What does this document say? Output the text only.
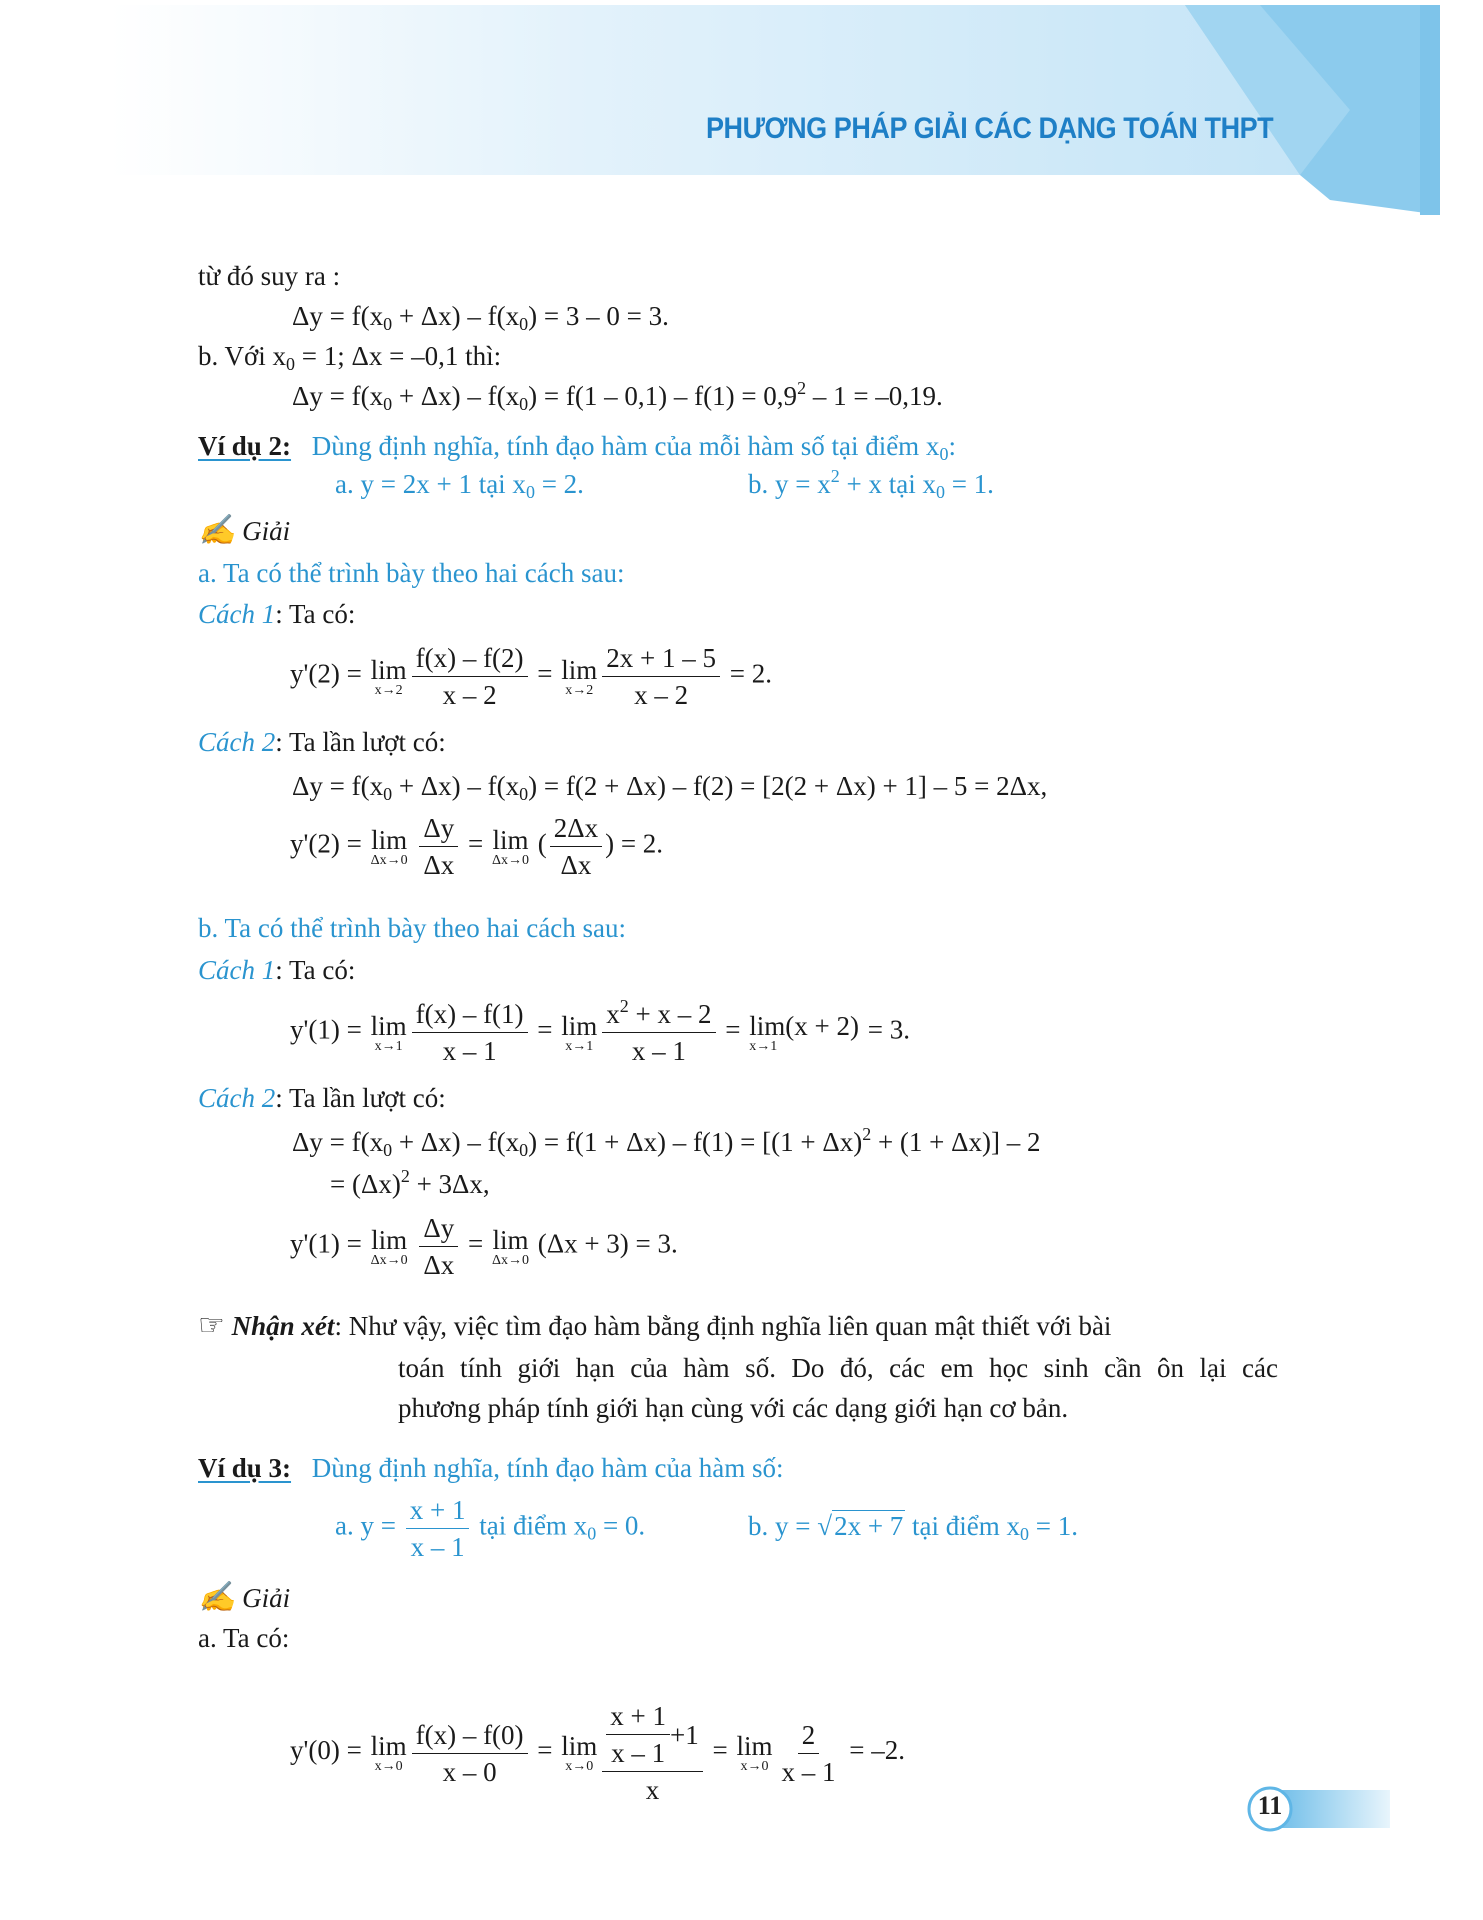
PHƯƠNG PHÁP GIẢI CÁC DẠNG TOÁN THPT
từ đó suy ra :
$\Delta y = f(x_0 + \Delta x) - f(x_0) = 3 - 0 = 3$.
b. Với $x_0 = 1$; Δx = –0,1 thì:
$\Delta y = f(x_0 + \Delta x) - f(x_0) = f(1 - 0,1) - f(1) = 0,9^2 - 1 = -0,19$.
Ví dụ 2: Dùng định nghĩa, tính đạo hàm của mỗi hàm số tại điểm $x_0$:
a. y = 2x + 1 tại $x_0 = 2$.	b. $y = x^2 + x$ tại $x_0 = 1$.
✍ Giải
a. Ta có thể trình bày theo hai cách sau:
Cách 1: Ta có:
y'(2) = lim
$x\to 2 \frac{f(x) - f(2)}{x - 2} = \lim$
$x\to 2 \frac{2x + 1 - 5}{x - 2} = 2$.
Cách 2: Ta lần lượt có:
$\Delta y = f(x_0 + \Delta x) - f(x_0) = f(2 + \Delta x) - f(2) = [2(2 + \Delta x) + 1] - 5 = 2\Delta x$,
y'(2) = lim
Δx→0
$\frac{\Delta y}{\Delta x} = \lim$
Δx→0
( $\frac{2\Delta x}{\Delta x}$ ) = 2.
b. Ta có thể trình bày theo hai cách sau:
Cách 1: Ta có:
y'(1) = lim
$x\to 1 \frac{f(x) - f(1)}{x - 1} = \lim$
$x\to 1 \frac{x^2 + x - 2}{x - 1} = \lim(x + 2)$
x→1
= 3.
Cách 2: Ta lần lượt có:
$\Delta y = f(x_0 + \Delta x) - f(x_0) = f(1 + \Delta x) - f(1) = [(1 + \Delta x)^2 + (1 + \Delta x)] - 2$
= $(\Delta x)^2 + 3\Delta x$,
y'(1) = lim
Δx→0
$\frac{\Delta y}{\Delta x} = \lim$
Δx→0
(Δx + 3) = 3.
☞ Nhận xét: Như vậy, việc tìm đạo hàm bằng định nghĩa liên quan mật thiết với bài
toán tính giới hạn của hàm số. Do đó, các em học sinh cần ôn lại các
phương pháp tính giới hạn cùng với các dạng giới hạn cơ bản.
Ví dụ 3: Dùng định nghĩa, tính đạo hàm của hàm số:
a. $y = \frac{x + 1}{x - 1}$ tại điểm $x_0 = 0$.	b. y = √2x + 7 tại điểm $x_0 = 1$.
✍ Giải
a. Ta có:
y'(0) = lim
$x\to 0 \frac{f(x) - f(0)}{x - 0} = \lim$
$x\to 0 \frac{\frac{x + 1}{x - 1} +1}{x} = \lim$
$x\to 0 \frac{2}{x - 1} = -2$.
11
